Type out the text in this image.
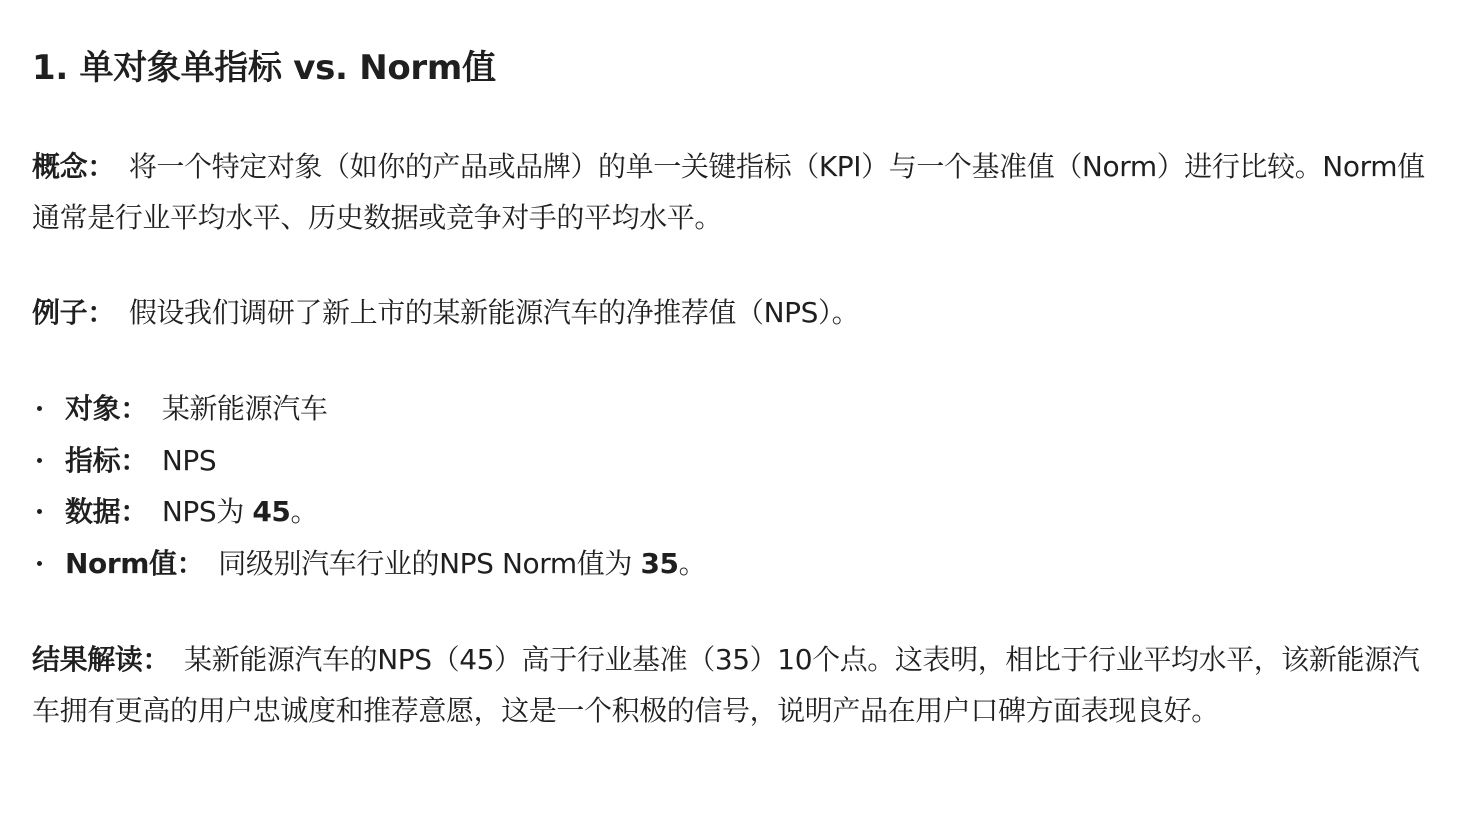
1. 单对象单指标 vs. Norm值

概念： 将一个特定对象（如你的产品或品牌）的单一关键指标（KPI）与一个基准值（Norm）进行比较。Norm值通常是行业平均水平、历史数据或竞争对手的平均水平。

例子： 假设我们调研了新上市的某新能源汽车的净推荐值（NPS）。

对象： 某新能源汽车
指标： NPS
数据： NPS为 45。
Norm值： 同级别汽车行业的NPS Norm值为 35。

结果解读： 某新能源汽车的NPS（45）高于行业基准（35）10个点。这表明，相比于行业平均水平，该新能源汽车拥有更高的用户忠诚度和推荐意愿，这是一个积极的信号，说明产品在用户口碑方面表现良好。
